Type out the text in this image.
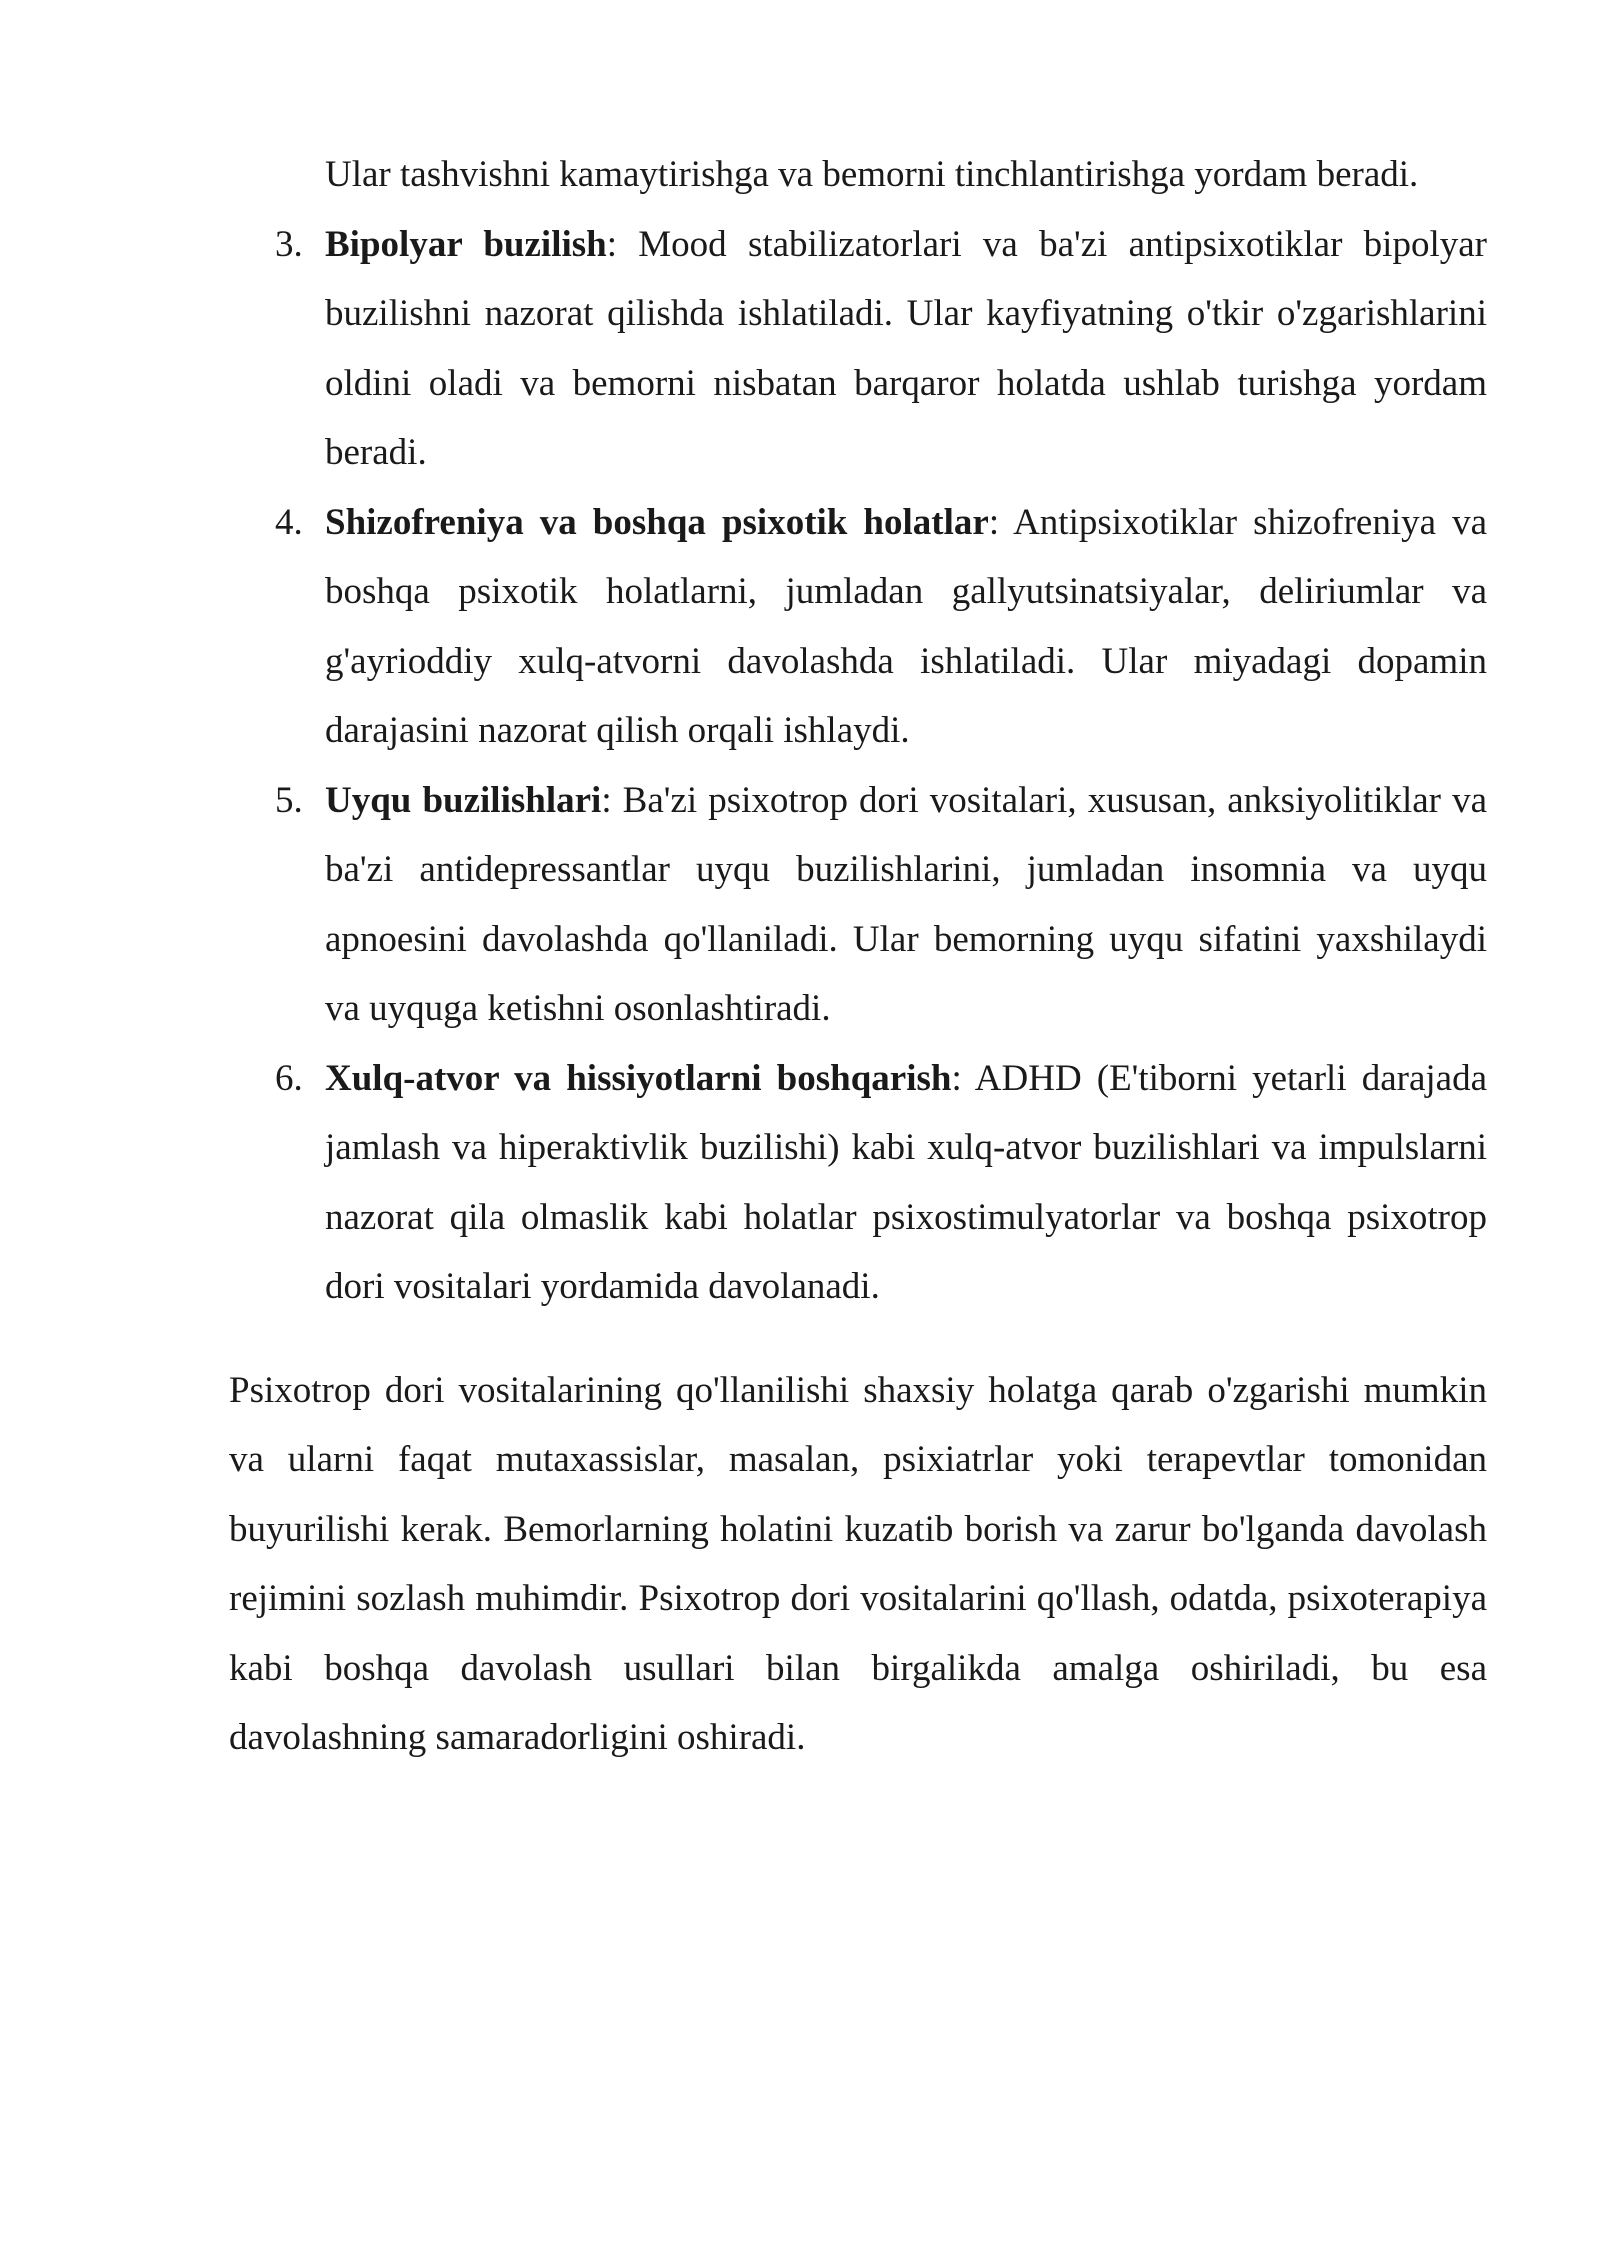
Ular tashvishni kamaytirishga va bemorni tinchlantirishga yordam beradi.

3. Bipolyar buzilish: Mood stabilizatorlari va ba'zi antipsixotiklar bipolyar buzilishni nazorat qilishda ishlatiladi. Ular kayfiyatning o'tkir o'zgarishlarini oldini oladi va bemorni nisbatan barqaror holatda ushlab turishga yordam beradi.
4. Shizofreniya va boshqa psixotik holatlar: Antipsixotiklar shizofreniya va boshqa psixotik holatlarni, jumladan gallyutsinatsiyalar, deliriumlar va g'ayrioddiy xulq-atvorni davolashda ishlatiladi. Ular miyadagi dopamin darajasini nazorat qilish orqali ishlaydi.
5. Uyqu buzilishlari: Ba'zi psixotrop dori vositalari, xususan, anksiyolitiklar va ba'zi antidepressantlar uyqu buzilishlarini, jumladan insomnia va uyqu apnoesini davolashda qo'llaniladi. Ular bemorning uyqu sifatini yaxshilaydi va uyquga ketishni osonlashtiradi.
6. Xulq-atvor va hissiyotlarni boshqarish: ADHD (E'tiborni yetarli darajada jamlash va hiperaktivlik buzilishi) kabi xulq-atvor buzilishlari va impulslarni nazorat qila olmaslik kabi holatlar psixostimulyatorlar va boshqa psixotrop dori vositalari yordamida davolanadi.

Psixotrop dori vositalarining qo'llanilishi shaxsiy holatga qarab o'zgarishi mumkin va ularni faqat mutaxassislar, masalan, psixiatrlar yoki terapevtlar tomonidan buyurilishi kerak. Bemorlarning holatini kuzatib borish va zarur bo'lganda davolash rejimini sozlash muhimdir. Psixotrop dori vositalarini qo'llash, odatda, psixoterapiya kabi boshqa davolash usullari bilan birgalikda amalga oshiriladi, bu esa davolashning samaradorligini oshiradi.
